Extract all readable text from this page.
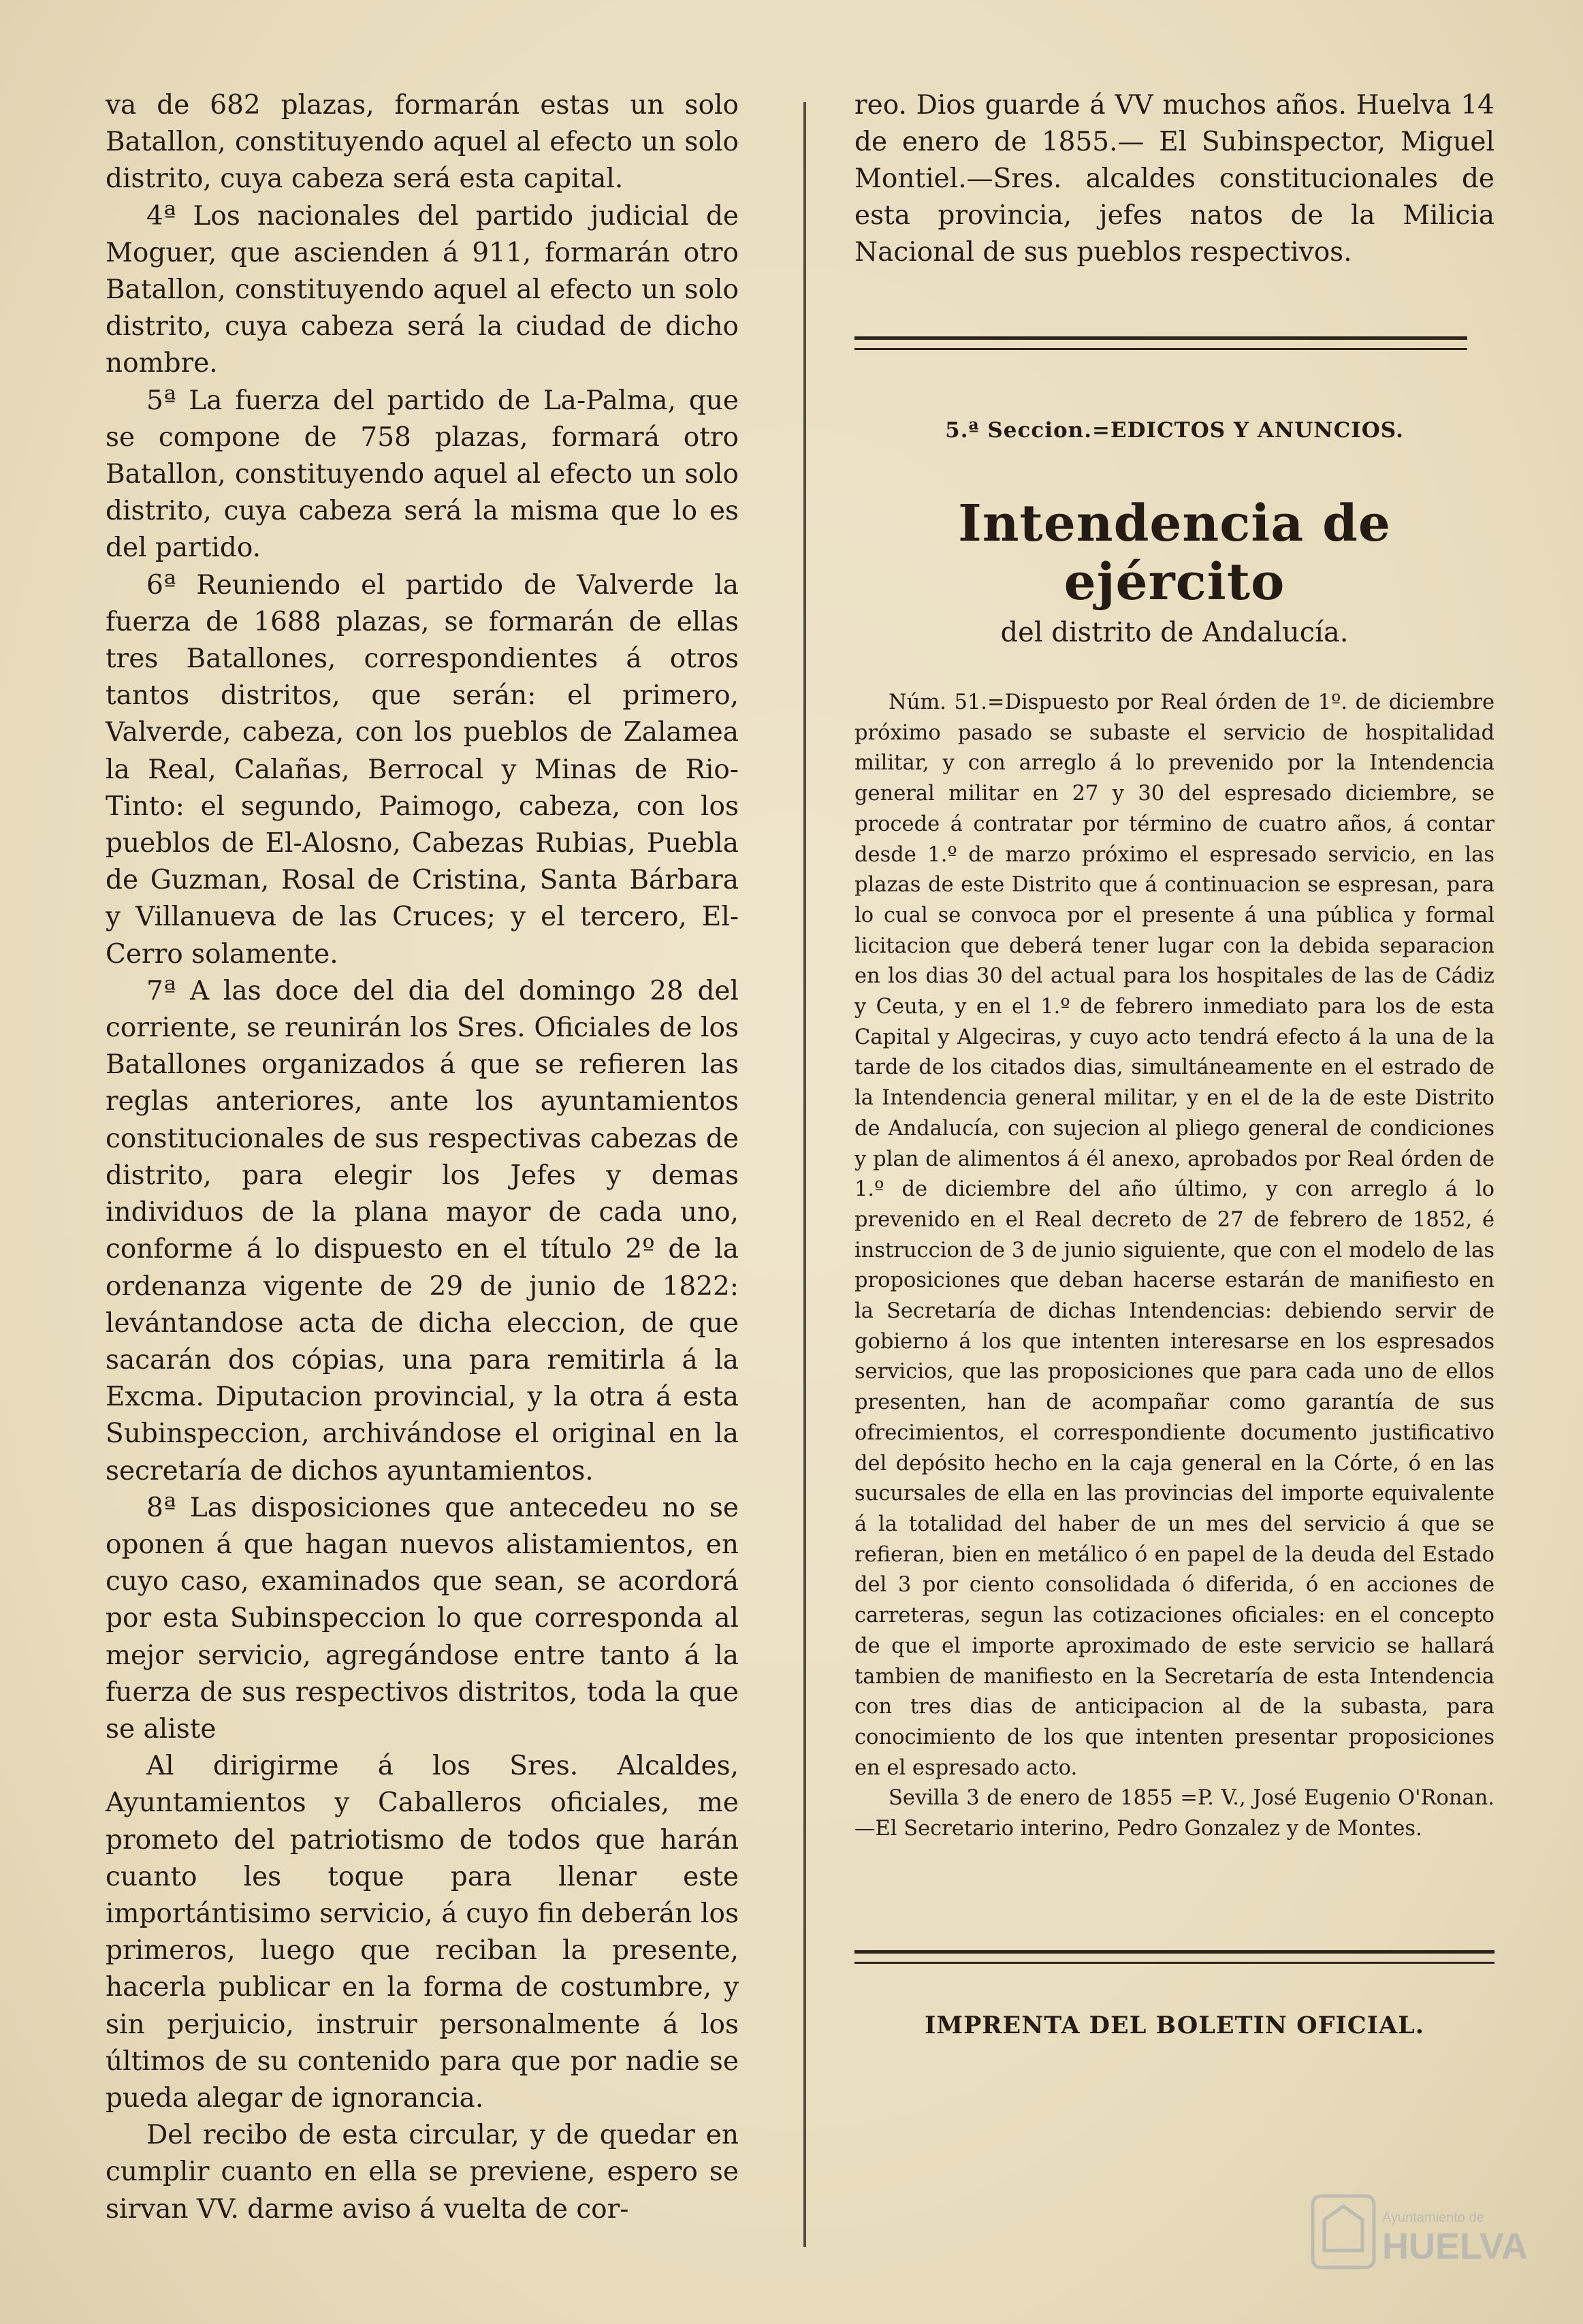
va de 682 plazas, formarán estas un solo Batallon, constituyendo aquel al efecto un solo distrito, cuya cabeza será esta capital.

4ª Los nacionales del partido judicial de Moguer, que ascienden á 911, formarán otro Batallon, constituyendo aquel al efecto un solo distrito, cuya cabeza será la ciudad de dicho nombre.

5ª La fuerza del partido de La-Palma, que se compone de 758 plazas, formará otro Batallon, constituyendo aquel al efecto un solo distrito, cuya cabeza será la misma que lo es del partido.

6ª Reuniendo el partido de Valverde la fuerza de 1688 plazas, se formarán de ellas tres Batallones, correspondientes á otros tantos distritos, que serán: el primero, Valverde, cabeza, con los pueblos de Zalamea la Real, Calañas, Berrocal y Minas de Rio-Tinto: el segundo, Paimogo, cabeza, con los pueblos de El-Alosno, Cabezas Rubias, Puebla de Guzman, Rosal de Cristina, Santa Bárbara y Villanueva de las Cruces; y el tercero, El-Cerro solamente.

7ª A las doce del dia del domingo 28 del corriente, se reunirán los Sres. Oficiales de los Batallones organizados á que se refieren las reglas anteriores, ante los ayuntamientos constitucionales de sus respectivas cabezas de distrito, para elegir los Jefes y demas individuos de la plana mayor de cada uno, conforme á lo dispuesto en el título 2º de la ordenanza vigente de 29 de junio de 1822: levántandose acta de dicha eleccion, de que sacarán dos cópias, una para remitirla á la Excma. Diputacion provincial, y la otra á esta Subinspeccion, archivándose el original en la secretaría de dichos ayuntamientos.

8ª Las disposiciones que antecedeu no se oponen á que hagan nuevos alistamientos, en cuyo caso, examinados que sean, se acordorá por esta Subinspeccion lo que corresponda al mejor servicio, agregándose entre tanto á la fuerza de sus respectivos distritos, toda la que se aliste

Al dirigirme á los Sres. Alcaldes, Ayuntamientos y Caballeros oficiales, me prometo del patriotismo de todos que harán cuanto les toque para llenar este importántisimo servicio, á cuyo fin deberán los primeros, luego que reciban la presente, hacerla publicar en la forma de costumbre, y sin perjuicio, instruir personalmente á los últimos de su contenido para que por nadie se pueda alegar de ignorancia.

Del recibo de esta circular, y de quedar en cumplir cuanto en ella se previene, espero se sirvan VV. darme aviso á vuelta de cor-

reo. Dios guarde á VV muchos años. Huelva 14 de enero de 1855.— El Subinspector, Miguel Montiel.—Sres. alcaldes constitucionales de esta provincia, jefes natos de la Milicia Nacional de sus pueblos respectivos.

5.ª Seccion.=EDICTOS Y ANUNCIOS.
Intendencia de ejército
del distrito de Andalucía.

Núm. 51.=Dispuesto por Real órden de 1º. de diciembre próximo pasado se subaste el servicio de hospitalidad militar, y con arreglo á lo prevenido por la Intendencia general militar en 27 y 30 del espresado diciembre, se procede á contratar por término de cuatro años, á contar desde 1.º de marzo próximo el espresado servicio, en las plazas de este Distrito que á continuacion se espresan, para lo cual se convoca por el presente á una pública y formal licitacion que deberá tener lugar con la debida separacion en los dias 30 del actual para los hospitales de las de Cádiz y Ceuta, y en el 1.º de febrero inmediato para los de esta Capital y Algeciras, y cuyo acto tendrá efecto á la una de la tarde de los citados dias, simultáneamente en el estrado de la Intendencia general militar, y en el de la de este Distrito de Andalucía, con sujecion al pliego general de condiciones y plan de alimentos á él anexo, aprobados por Real órden de 1.º de diciembre del año último, y con arreglo á lo prevenido en el Real decreto de 27 de febrero de 1852, é instruccion de 3 de junio siguiente, que con el modelo de las proposiciones que deban hacerse estarán de manifiesto en la Secretaría de dichas Intendencias: debiendo servir de gobierno á los que intenten interesarse en los espresados servicios, que las proposiciones que para cada uno de ellos presenten, han de acompañar como garantía de sus ofrecimientos, el correspondiente documento justificativo del depósito hecho en la caja general en la Córte, ó en las sucursales de ella en las provincias del importe equivalente á la totalidad del haber de un mes del servicio á que se refieran, bien en metálico ó en papel de la deuda del Estado del 3 por ciento consolidada ó diferida, ó en acciones de carreteras, segun las cotizaciones oficiales: en el concepto de que el importe aproximado de este servicio se hallará tambien de manifiesto en la Secretaría de esta Intendencia con tres dias de anticipacion al de la subasta, para conocimiento de los que intenten presentar proposiciones en el espresado acto.

Sevilla 3 de enero de 1855 =P. V., José Eugenio O'Ronan.—El Secretario interino, Pedro Gonzalez y de Montes.

IMPRENTA DEL BOLETIN OFICIAL.
Ayuntamiento de
HUELVA
